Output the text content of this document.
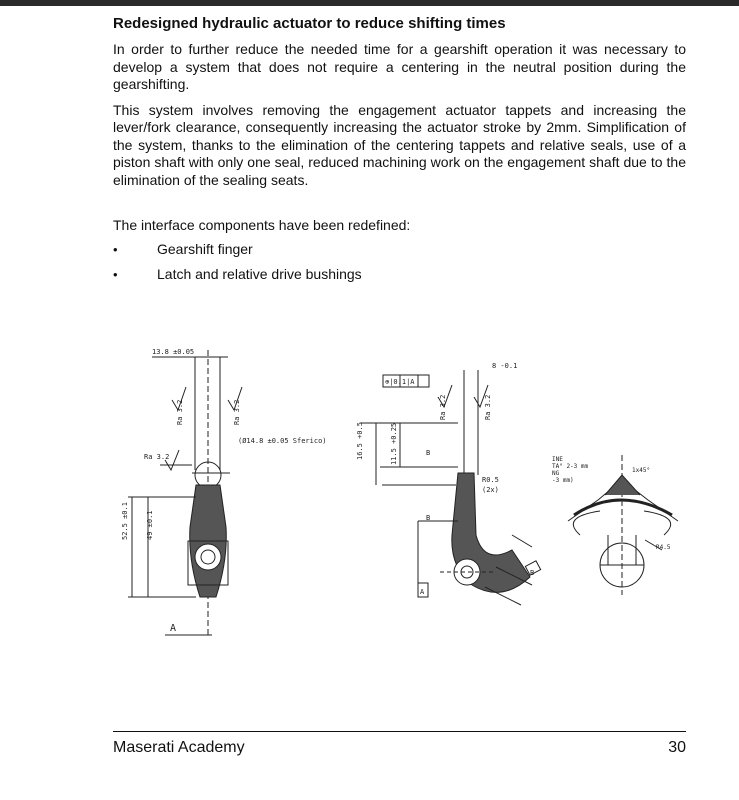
Redesigned hydraulic actuator to reduce shifting times

In order to further reduce the needed time for a gearshift operation it was necessary to develop a system that does not require a centering in the neutral position during the gearshifting.

This system involves removing the engagement actuator tappets and increasing the lever/fork clearance, consequently increasing the actuator stroke by 2mm. Simplification of the system, thanks to the elimination of the centering tappets and relative seals, use of a piston shaft with only one seal, reduced machining work on the engagement shaft due to the elimination of the sealing seats.

The interface components have been redefined:

•	Gearshift finger
•	Latch and relative drive bushings
13.8 ±0.05
Ra 3.2	Ra 3.2
Ra 3.2
(Ø14.8 ±0.05 Sferico)
52.5 ±0.1 49 ±0.1
A
⊕|0.1|A
8 -0.1
16.5 +0.5	11.5 +0.25
Ra 3.2	Ra 3.2
B
B
B
R0.5
(2x)
A
INE
TA° 2-3 mm
NG
-3 mm)
1x45°
R4.5
Maserati Academy	30
